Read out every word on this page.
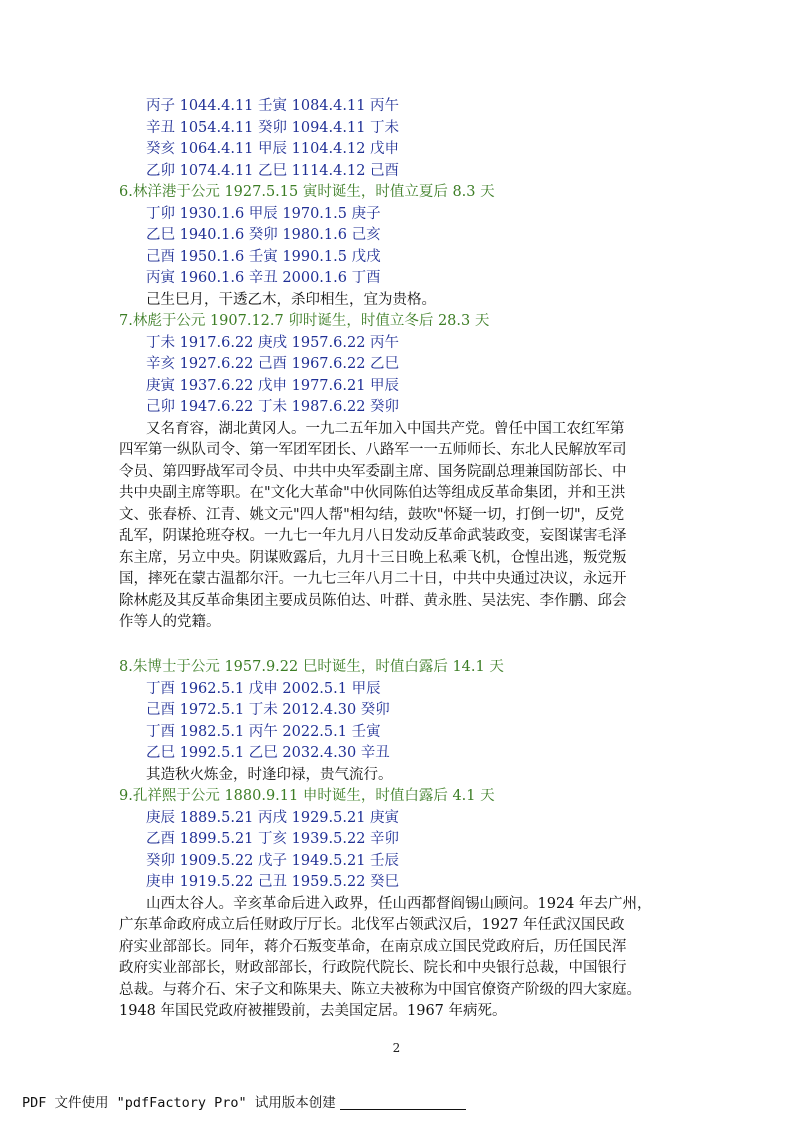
丙子 1044.4.11 壬寅 1084.4.11 丙午
辛丑 1054.4.11 癸卯 1094.4.11 丁未
癸亥 1064.4.11 甲辰 1104.4.12 戊申
乙卯 1074.4.11 乙巳 1114.4.12 己酉
6.林洋港于公元 1927.5.15 寅时诞生，时值立夏后 8.3 天
丁卯 1930.1.6 甲辰 1970.1.5 庚子
乙巳 1940.1.6 癸卯 1980.1.6 己亥
己酉 1950.1.6 壬寅 1990.1.5 戊戌
丙寅 1960.1.6 辛丑 2000.1.6 丁酉
己生巳月，干透乙木，杀印相生，宜为贵格。
7.林彪于公元 1907.12.7 卯时诞生，时值立冬后 28.3 天
丁未 1917.6.22 庚戌 1957.6.22 丙午
辛亥 1927.6.22 己酉 1967.6.22 乙巳
庚寅 1937.6.22 戊申 1977.6.21 甲辰
己卯 1947.6.22 丁未 1987.6.22 癸卯
又名育容，湖北黄冈人。一九二五年加入中国共产党。曾任中国工农红军第
四军第一纵队司令、第一军团军团长、八路军一一五师师长、东北人民解放军司
令员、第四野战军司令员、中共中央军委副主席、国务院副总理兼国防部长、中
共中央副主席等职。在"文化大革命"中伙同陈伯达等组成反革命集团，并和王洪
文、张春桥、江青、姚文元"四人帮"相勾结，鼓吹"怀疑一切，打倒一切"，反党
乱军，阴谋抢班夺权。一九七一年九月八日发动反革命武装政变，妄图谋害毛泽
东主席，另立中央。阴谋败露后，九月十三日晚上私乘飞机，仓惶出逃，叛党叛
国，摔死在蒙古温都尔汗。一九七三年八月二十日，中共中央通过决议，永远开
除林彪及其反革命集团主要成员陈伯达、叶群、黄永胜、吴法宪、李作鹏、邱会
作等人的党籍。
8.朱博士于公元 1957.9.22 巳时诞生，时值白露后 14.1 天
丁酉 1962.5.1 戊申 2002.5.1 甲辰
己酉 1972.5.1 丁未 2012.4.30 癸卯
丁酉 1982.5.1 丙午 2022.5.1 壬寅
乙巳 1992.5.1 乙巳 2032.4.30 辛丑
其造秋火炼金，时逢印禄，贵气流行。
9.孔祥熙于公元 1880.9.11 申时诞生，时值白露后 4.1 天
庚辰 1889.5.21 丙戌 1929.5.21 庚寅
乙酉 1899.5.21 丁亥 1939.5.22 辛卯
癸卯 1909.5.22 戊子 1949.5.21 壬辰
庚申 1919.5.22 己丑 1959.5.22 癸巳
山西太谷人。辛亥革命后进入政界，任山西都督阎锡山顾问。1924 年去广州，
广东革命政府成立后任财政厅厅长。北伐军占领武汉后，1927 年任武汉国民政
府实业部部长。同年，蒋介石叛变革命，在南京成立国民党政府后，历任国民浑
政府实业部部长，财政部部长，行政院代院长、院长和中央银行总裁，中国银行
总裁。与蒋介石、宋子文和陈果夫、陈立夫被称为中国官僚资产阶级的四大家庭。
1948 年国民党政府被摧毁前，去美国定居。1967 年病死。
2
PDF 文件使用 "pdfFactory Pro" 试用版本创建
